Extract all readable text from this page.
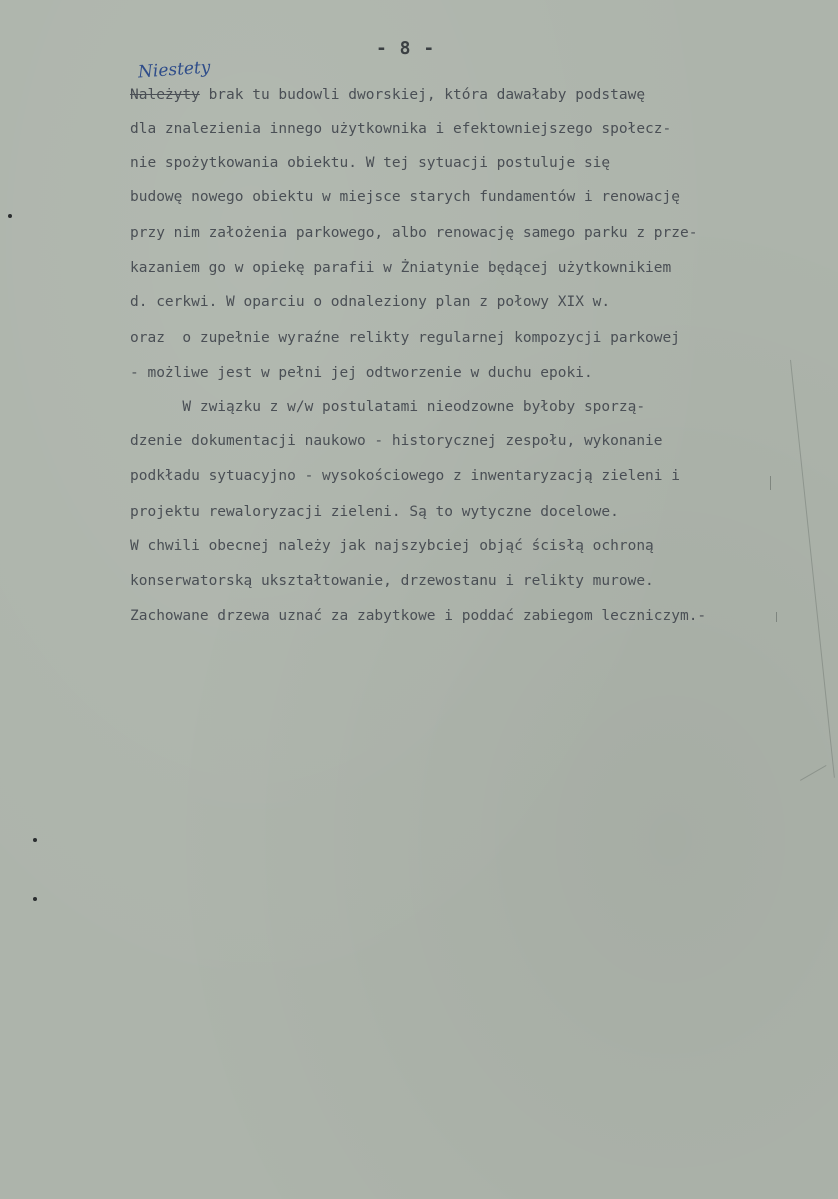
- 8 -
Niestety
Należyty brak tu budowli dworskiej, która dawałaby podstawę
dla znalezienia innego użytkownika i efektowniejszego społecz-
nie spożytkowania obiektu. W tej sytuacji postuluje się
budowę nowego obiektu w miejsce starych fundamentów i renowację
przy nim założenia parkowego, albo renowację samego parku z prze-
kazaniem go w opiekę parafii w Żniatynie będącej użytkownikiem
d. cerkwi. W oparciu o odnaleziony plan z połowy XIX w.
oraz  o zupełnie wyraźne relikty regularnej kompozycji parkowej
- możliwe jest w pełni jej odtworzenie w duchu epoki.
W związku z w/w postulatami nieodzowne byłoby sporzą-
dzenie dokumentacji naukowo - historycznej zespołu, wykonanie
podkładu sytuacyjno - wysokościowego z inwentaryzacją zieleni i
projektu rewaloryzacji zieleni. Są to wytyczne docelowe.
W chwili obecnej należy jak najszybciej objąć ścisłą ochroną
konserwatorską ukształtowanie, drzewostanu i relikty murowe.
Zachowane drzewa uznać za zabytkowe i poddać zabiegom leczniczym.-
